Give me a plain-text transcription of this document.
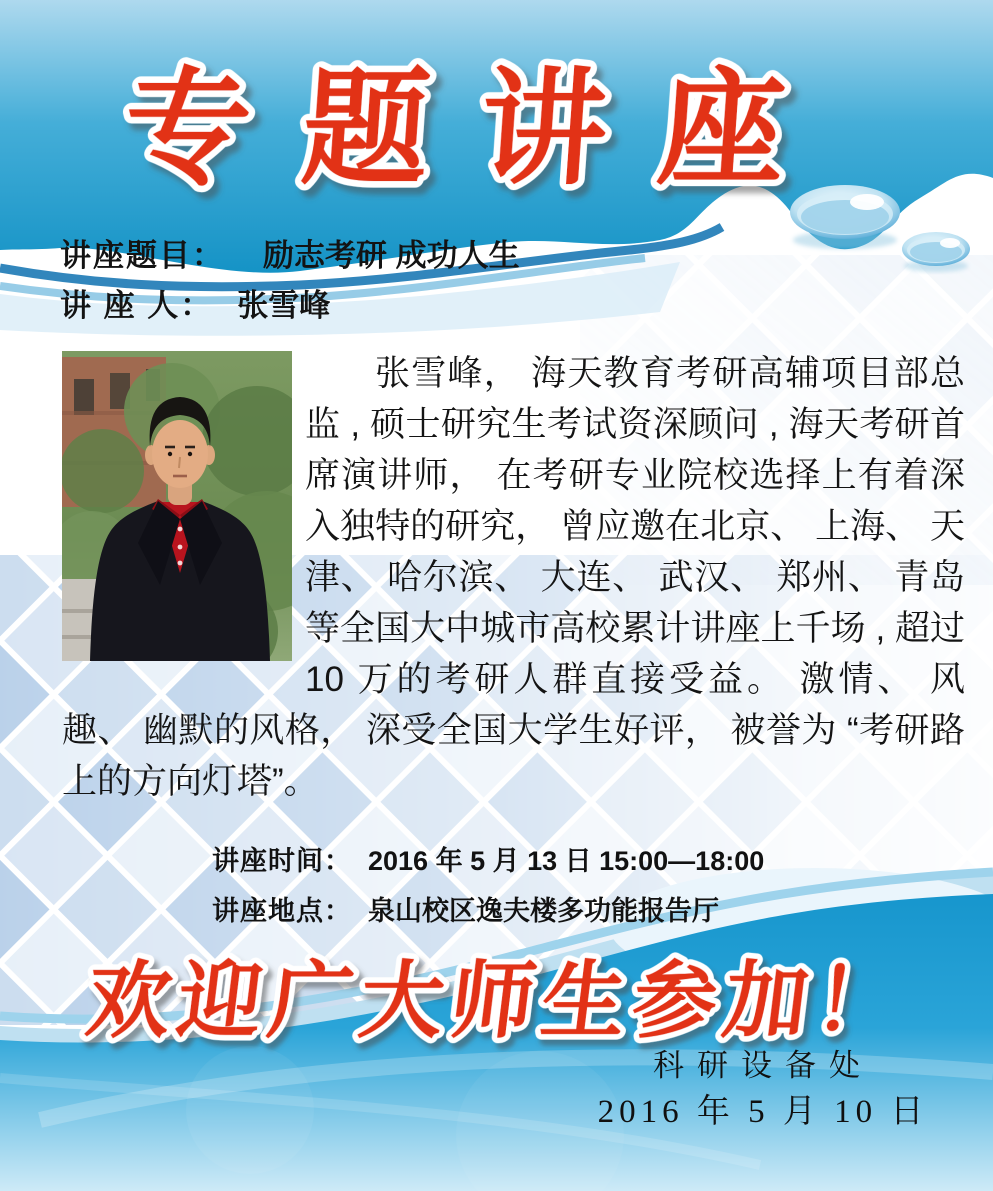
专题讲座
讲座题目： 励志考研 成功人生
讲 座 人： 张雪峰

张雪峰， 海天教育考研高辅项目部总监 , 硕士研究生考试资深顾问 , 海天考研首席演讲师， 在考研专业院校选择上有着深入独特的研究， 曾应邀在北京、 上海、 天津、 哈尔滨、 大连、 武汉、 郑州、 青岛等全国大中城市高校累计讲座上千场 , 超过 10 万的考研人群直接受益。 激情、 风趣、 幽默的风格， 深受全国大学生好评， 被誉为 “考研路上的方向灯塔”。

讲座时间： 2016 年 5 月 13 日 15:00—18:00
讲座地点： 泉山校区逸夫楼多功能报告厅
欢迎广大师生参加！
科研设备处
2016 年 5 月 10 日
